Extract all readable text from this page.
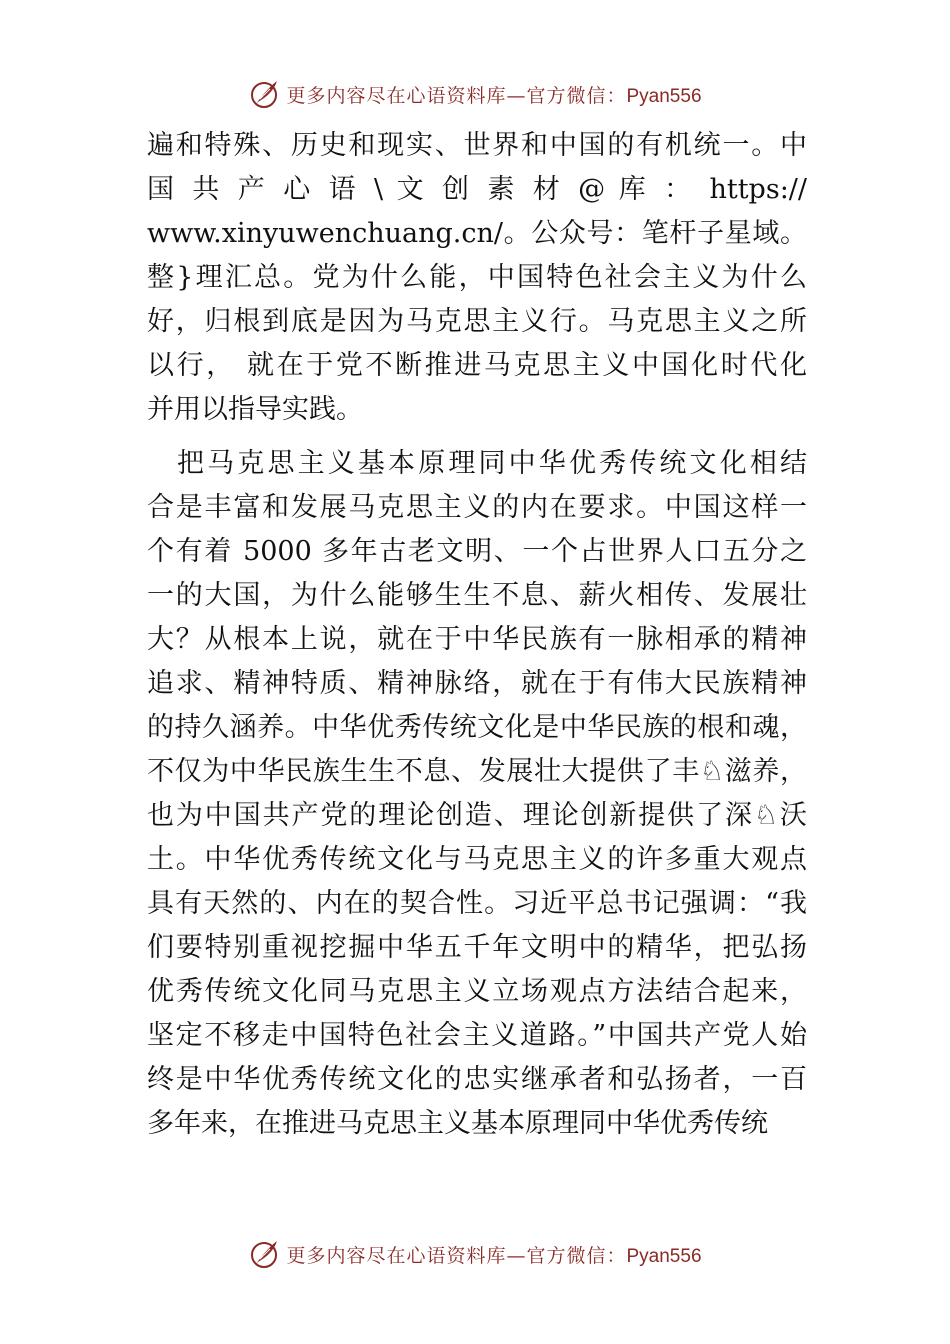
更多内容尽在心语资料库—官方微信：Pyan556
遍和特殊、历史和现实、世界和中国的有机统一。中
国 共 产 心 语 \ 文 创 素 材 @ 库 ： https://
www.xinyuwenchuang.cn/。公众号：笔杆子星域。
整}理汇总。党为什么能，中国特色社会主义为什么
好，归根到底是因为马克思主义行。马克思主义之所
以行， 就在于党不断推进马克思主义中国化时代化
并用以指导实践。
把马克思主义基本原理同中华优秀传统文化相结
合是丰富和发展马克思主义的内在要求。中国这样一
个有着 5000 多年古老文明、一个占世界人口五分之
一的大国，为什么能够生生不息、薪火相传、发展壮
大？从根本上说，就在于中华民族有一脉相承的精神
追求、精神特质、精神脉络，就在于有伟大民族精神
的持久涵养。中华优秀传统文化是中华民族的根和魂，
不仅为中华民族生生不息、发展壮大提供了丰♘滋养，
也为中国共产党的理论创造、理论创新提供了深♘沃
土。中华优秀传统文化与马克思主义的许多重大观点
具有天然的、内在的契合性。习近平总书记强调：“我
们要特别重视挖掘中华五千年文明中的精华，把弘扬
优秀传统文化同马克思主义立场观点方法结合起来，
坚定不移走中国特色社会主义道路。”中国共产党人始
终是中华优秀传统文化的忠实继承者和弘扬者，一百
多年来，在推进马克思主义基本原理同中华优秀传统
更多内容尽在心语资料库—官方微信：Pyan556
